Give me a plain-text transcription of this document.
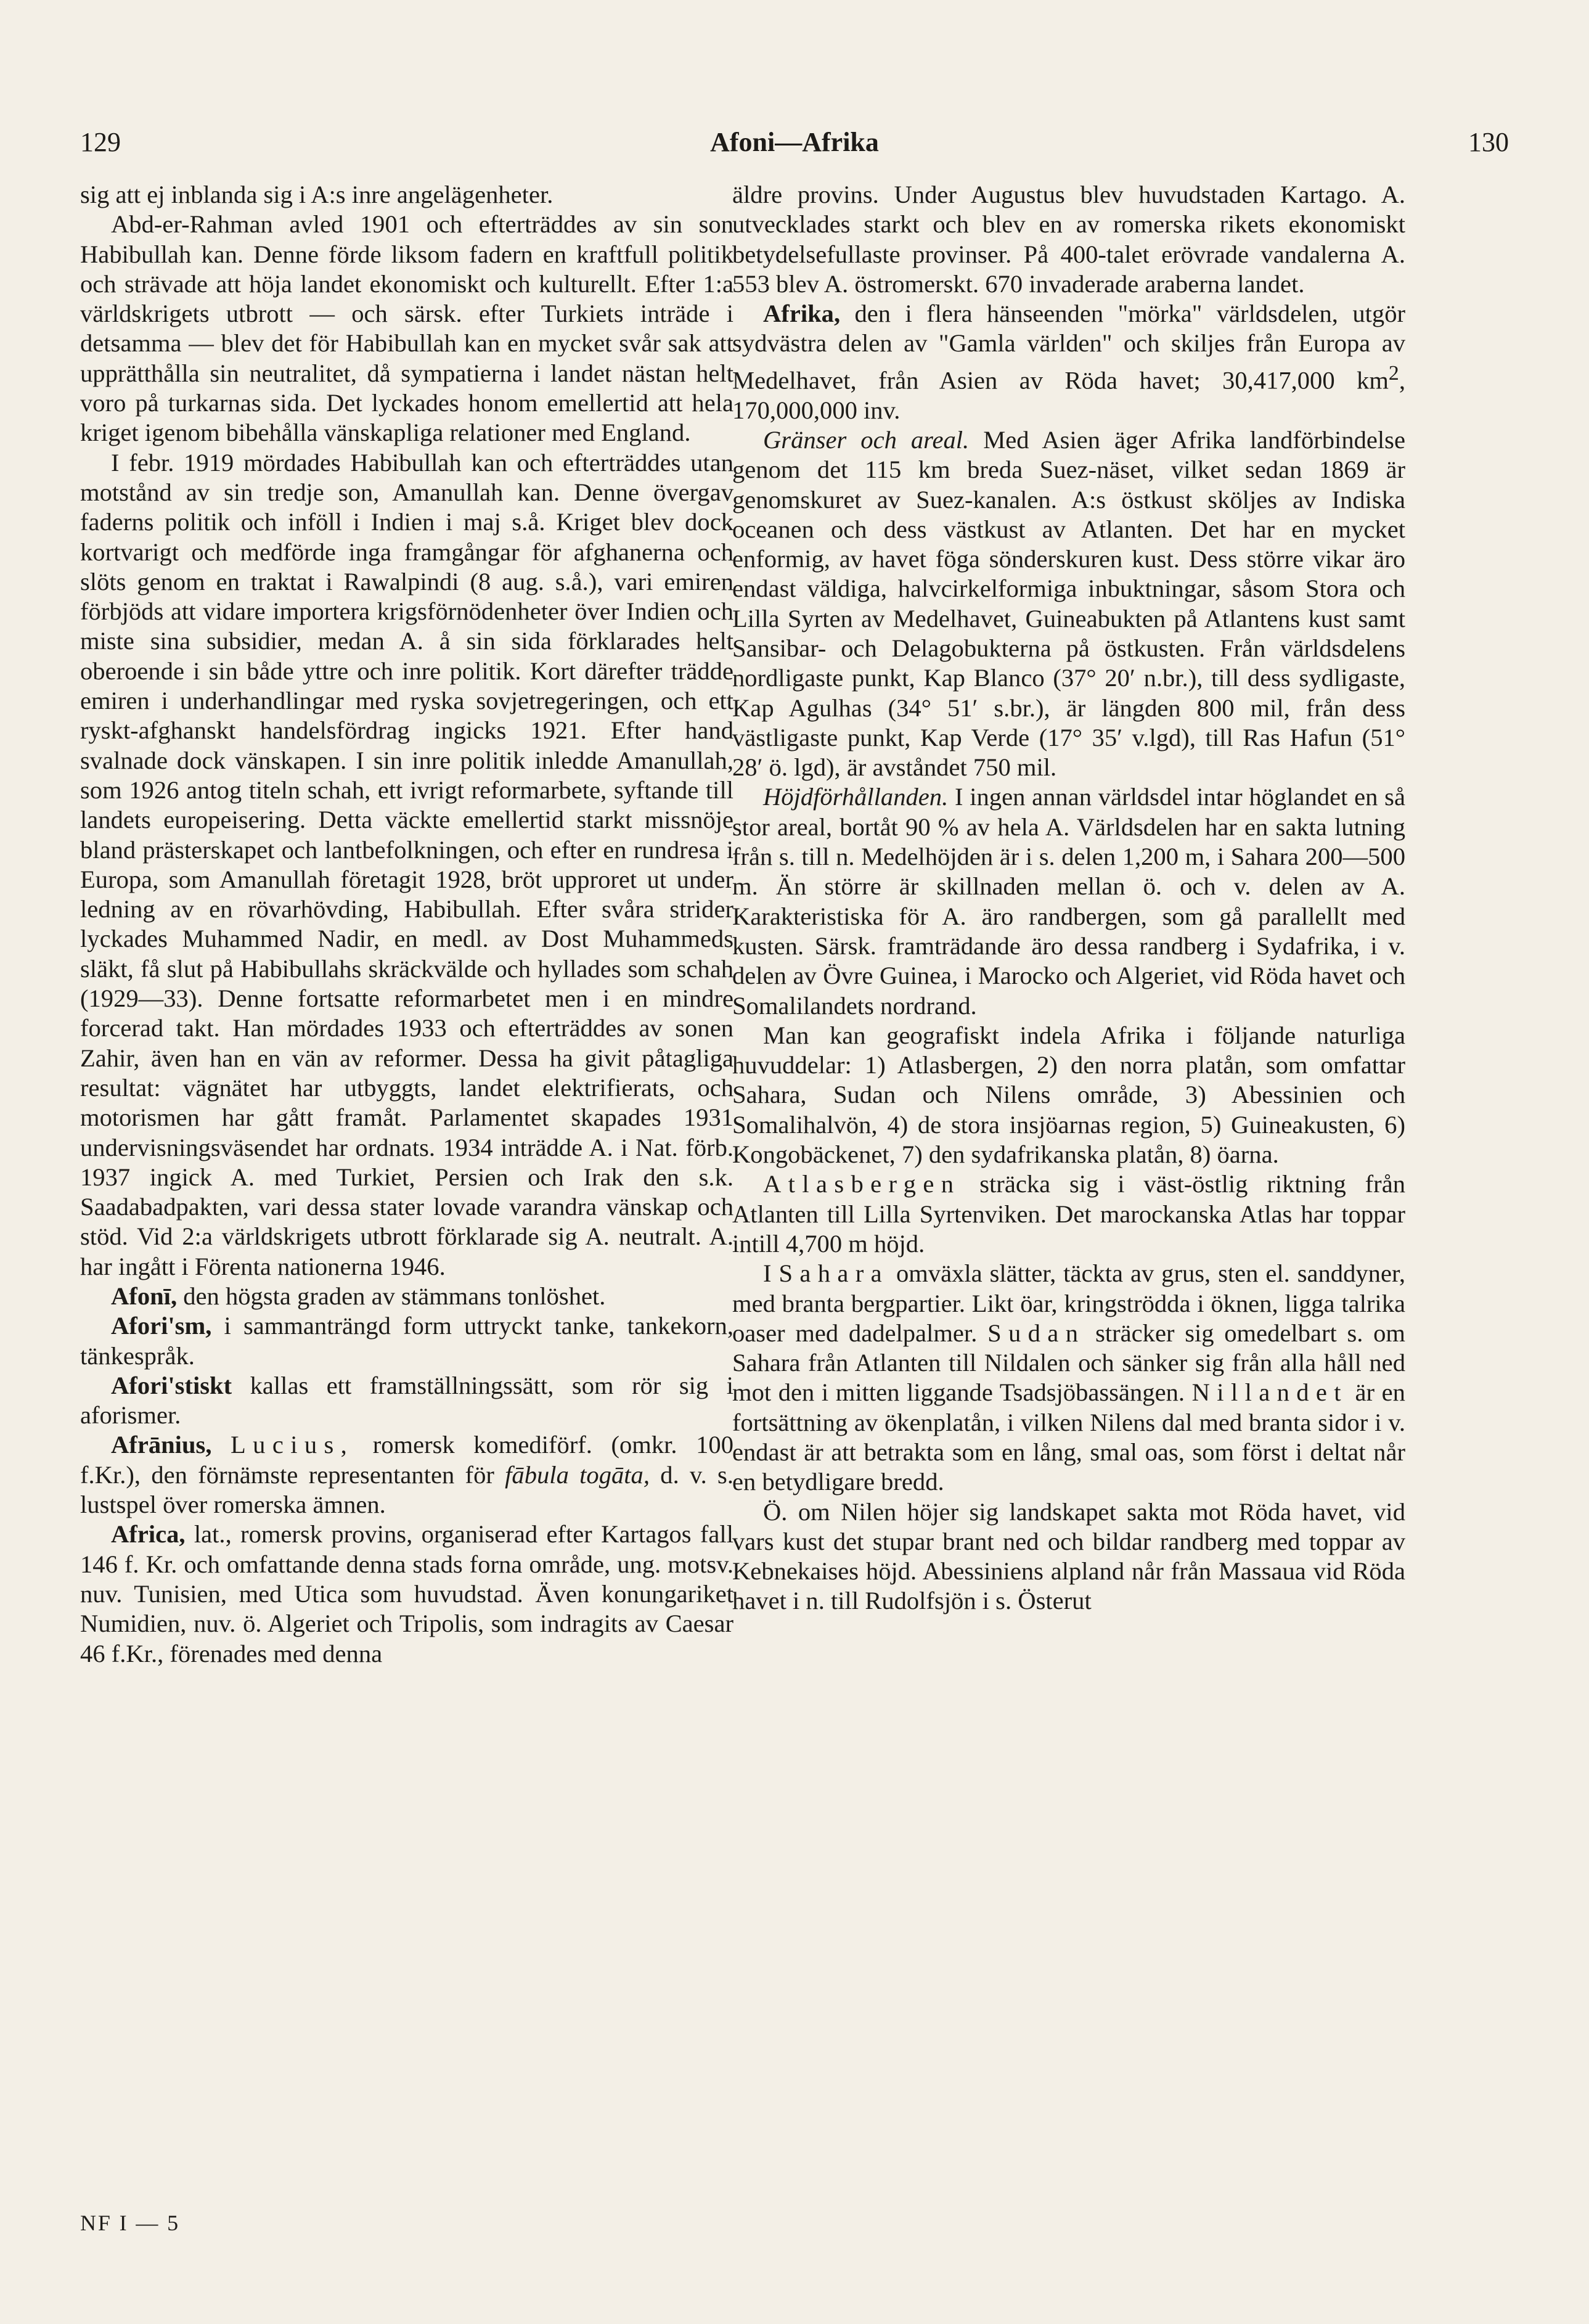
129	Afoni—Afrika	130

sig att ej inblanda sig i A:s inre angelägenheter.

Abd-er-Rahman avled 1901 och efterträddes av sin son Habibullah kan. Denne förde liksom fadern en kraftfull politik och strävade att höja landet ekonomiskt och kulturellt. Efter 1:a världskrigets utbrott — och särsk. efter Turkiets inträde i detsamma — blev det för Habibullah kan en mycket svår sak att upprätthålla sin neutralitet, då sympatierna i landet nästan helt voro på turkarnas sida. Det lyckades honom emellertid att hela kriget igenom bibehålla vänskapliga relationer med England.

I febr. 1919 mördades Habibullah kan och efterträddes utan motstånd av sin tredje son, Amanullah kan. Denne övergav faderns politik och inföll i Indien i maj s.å. Kriget blev dock kortvarigt och medförde inga framgångar för afghanerna och slöts genom en traktat i Rawalpindi (8 aug. s.å.), vari emiren förbjöds att vidare importera krigsförnödenheter över Indien och miste sina subsidier, medan A. å sin sida förklarades helt oberoende i sin både yttre och inre politik. Kort därefter trädde emiren i underhandlingar med ryska sovjetregeringen, och ett ryskt-afghanskt handelsfördrag ingicks 1921. Efter hand svalnade dock vänskapen. I sin inre politik inledde Amanullah, som 1926 antog titeln schah, ett ivrigt reformarbete, syftande till landets europeisering. Detta väckte emellertid starkt missnöje bland prästerskapet och lantbefolkningen, och efter en rundresa i Europa, som Amanullah företagit 1928, bröt upproret ut under ledning av en rövarhövding, Habibullah. Efter svåra strider lyckades Muhammed Nadir, en medl. av Dost Muhammeds släkt, få slut på Habibullahs skräckvälde och hyllades som schah (1929—33). Denne fortsatte reformarbetet men i en mindre forcerad takt. Han mördades 1933 och efterträddes av sonen Zahir, även han en vän av reformer. Dessa ha givit påtagliga resultat: vägnätet har utbyggts, landet elektrifierats, och motorismen har gått framåt. Parlamentet skapades 1931 undervisningsväsendet har ordnats. 1934 inträdde A. i Nat. förb. 1937 ingick A. med Turkiet, Persien och Irak den s.k. Saadabadpakten, vari dessa stater lovade varandra vänskap och stöd. Vid 2:a världskrigets utbrott förklarade sig A. neutralt. A. har ingått i Förenta nationerna 1946.

Afonī, den högsta graden av stämmans tonlöshet.

Afori'sm, i sammanträngd form uttryckt tanke, tankekorn, tänkespråk.

Afori'stiskt kallas ett framställningssätt, som rör sig i aforismer.

Afrānius, Lucius, romersk komediförf. (omkr. 100 f.Kr.), den förnämste representanten för fābula togāta, d. v. s. lustspel över romerska ämnen.

Africa, lat., romersk provins, organiserad efter Kartagos fall 146 f. Kr. och omfattande denna stads forna område, ung. motsv. nuv. Tunisien, med Utica som huvudstad. Även konungariket Numidien, nuv. ö. Algeriet och Tripolis, som indragits av Caesar 46 f.Kr., förenades med denna

äldre provins. Under Augustus blev huvudstaden Kartago. A. utvecklades starkt och blev en av romerska rikets ekonomiskt betydelsefullaste provinser. På 400-talet erövrade vandalerna A. 553 blev A. östromerskt. 670 invaderade araberna landet.

Afrika, den i flera hänseenden "mörka" världsdelen, utgör sydvästra delen av "Gamla världen" och skiljes från Europa av Medelhavet, från Asien av Röda havet; 30,417,000 $km^2$, 170,000,000 inv.

Gränser och areal. Med Asien äger Afrika landförbindelse genom det 115 km breda Suez-näset, vilket sedan 1869 är genomskuret av Suez-kanalen. A:s östkust sköljes av Indiska oceanen och dess västkust av Atlanten. Det har en mycket enformig, av havet föga sönderskuren kust. Dess större vikar äro endast väldiga, halvcirkelformiga inbuktningar, såsom Stora och Lilla Syrten av Medelhavet, Guineabukten på Atlantens kust samt Sansibar- och Delagobukterna på östkusten. Från världsdelens nordligaste punkt, Kap Blanco (37° 20′ n.br.), till dess sydligaste, Kap Agulhas (34° 51′ s.br.), är längden 800 mil, från dess västligaste punkt, Kap Verde (17° 35′ v.lgd), till Ras Hafun (51° 28′ ö. lgd), är avståndet 750 mil.

Höjdförhållanden. I ingen annan världsdel intar höglandet en så stor areal, bortåt 90 % av hela A. Världsdelen har en sakta lutning från s. till n. Medelhöjden är i s. delen 1,200 m, i Sahara 200—500 m. Än större är skillnaden mellan ö. och v. delen av A. Karakteristiska för A. äro randbergen, som gå parallellt med kusten. Särsk. framträdande äro dessa randberg i Sydafrika, i v. delen av Övre Guinea, i Marocko och Algeriet, vid Röda havet och Somalilandets nordrand.

Man kan geografiskt indela Afrika i följande naturliga huvuddelar: 1) Atlasbergen, 2) den norra platån, som omfattar Sahara, Sudan och Nilens område, 3) Abessinien och Somalihalvön, 4) de stora insjöarnas region, 5) Guineakusten, 6) Kongobäckenet, 7) den sydafrikanska platån, 8) öarna.

Atlasbergen sträcka sig i väst-östlig riktning från Atlanten till Lilla Syrtenviken. Det marockanska Atlas har toppar intill 4,700 m höjd.

I Sahara omväxla slätter, täckta av grus, sten el. sanddyner, med branta bergpartier. Likt öar, kringströdda i öknen, ligga talrika oaser med dadelpalmer. Sudan sträcker sig omedelbart s. om Sahara från Atlanten till Nildalen och sänker sig från alla håll ned mot den i mitten liggande Tsadsjöbassängen. Nillandet är en fortsättning av ökenplatån, i vilken Nilens dal med branta sidor i v. endast är att betrakta som en lång, smal oas, som först i deltat når en betydligare bredd.

Ö. om Nilen höjer sig landskapet sakta mot Röda havet, vid vars kust det stupar brant ned och bildar randberg med toppar av Kebnekaises höjd. Abessiniens alpland når från Massaua vid Röda havet i n. till Rudolfsjön i s. Österut

NF I — 5
